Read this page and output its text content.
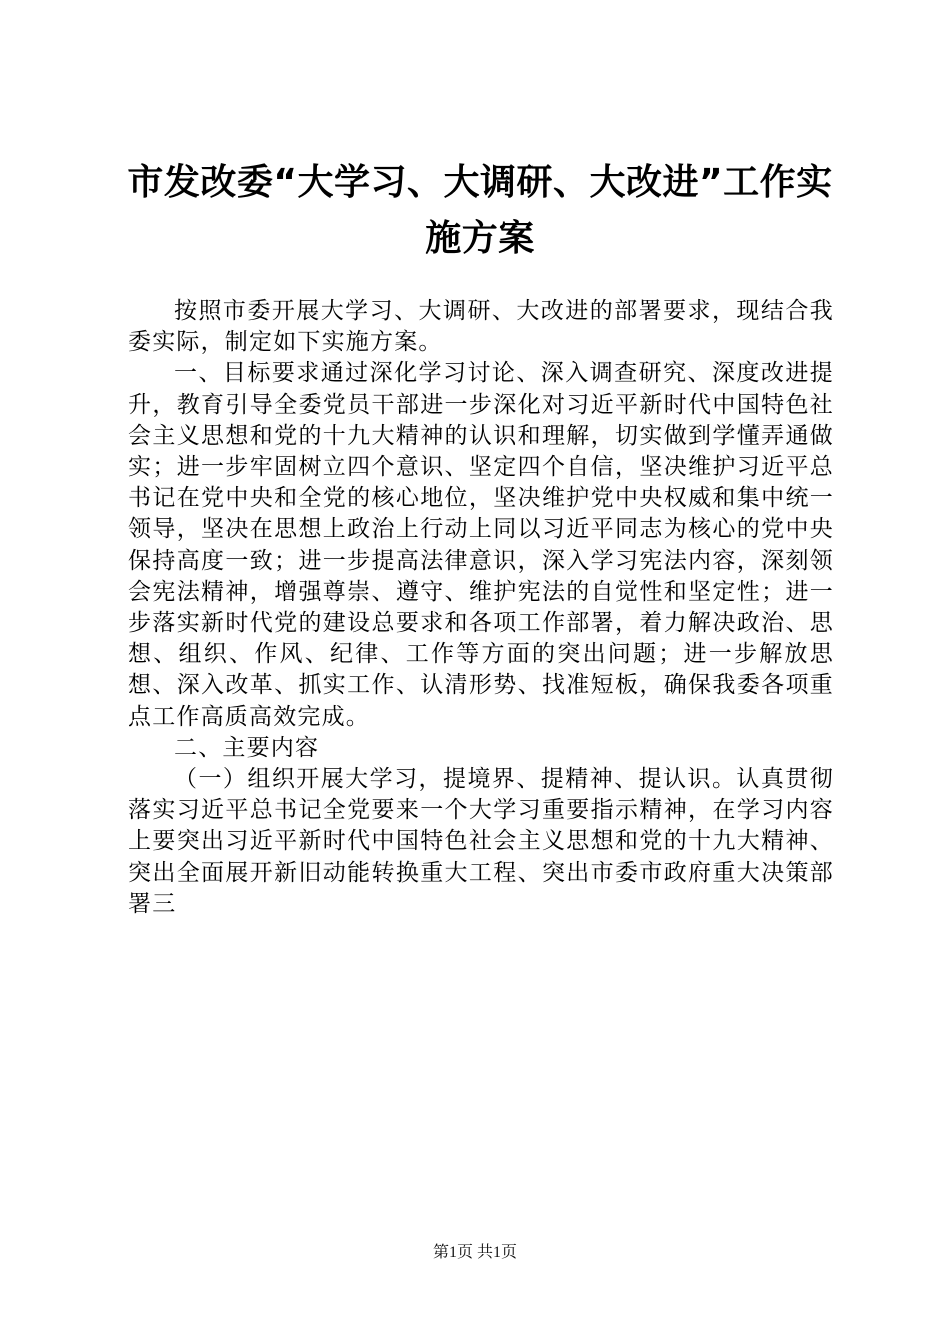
市发改委“大学习、大调研、大改进”工作实
施方案

按照市委开展大学习、大调研、大改进的部署要求，现结合我委实际，制定如下实施方案。

一、目标要求通过深化学习讨论、深入调查研究、深度改进提升，教育引导全委党员干部进一步深化对习近平新时代中国特色社会主义思想和党的十九大精神的认识和理解，切实做到学懂弄通做实；进一步牢固树立四个意识、坚定四个自信，坚决维护习近平总书记在党中央和全党的核心地位，坚决维护党中央权威和集中统一领导，坚决在思想上政治上行动上同以习近平同志为核心的党中央保持高度一致；进一步提高法律意识，深入学习宪法内容，深刻领会宪法精神，增强尊崇、遵守、维护宪法的自觉性和坚定性；进一步落实新时代党的建设总要求和各项工作部署，着力解决政治、思想、组织、作风、纪律、工作等方面的突出问题；进一步解放思想、深入改革、抓实工作、认清形势、找准短板，确保我委各项重点工作高质高效完成。

二、主要内容

（一）组织开展大学习，提境界、提精神、提认识。认真贯彻落实习近平总书记全党要来一个大学习重要指示精神，在学习内容上要突出习近平新时代中国特色社会主义思想和党的十九大精神、突出全面展开新旧动能转换重大工程、突出市委市政府重大决策部署三

第1页 共1页
